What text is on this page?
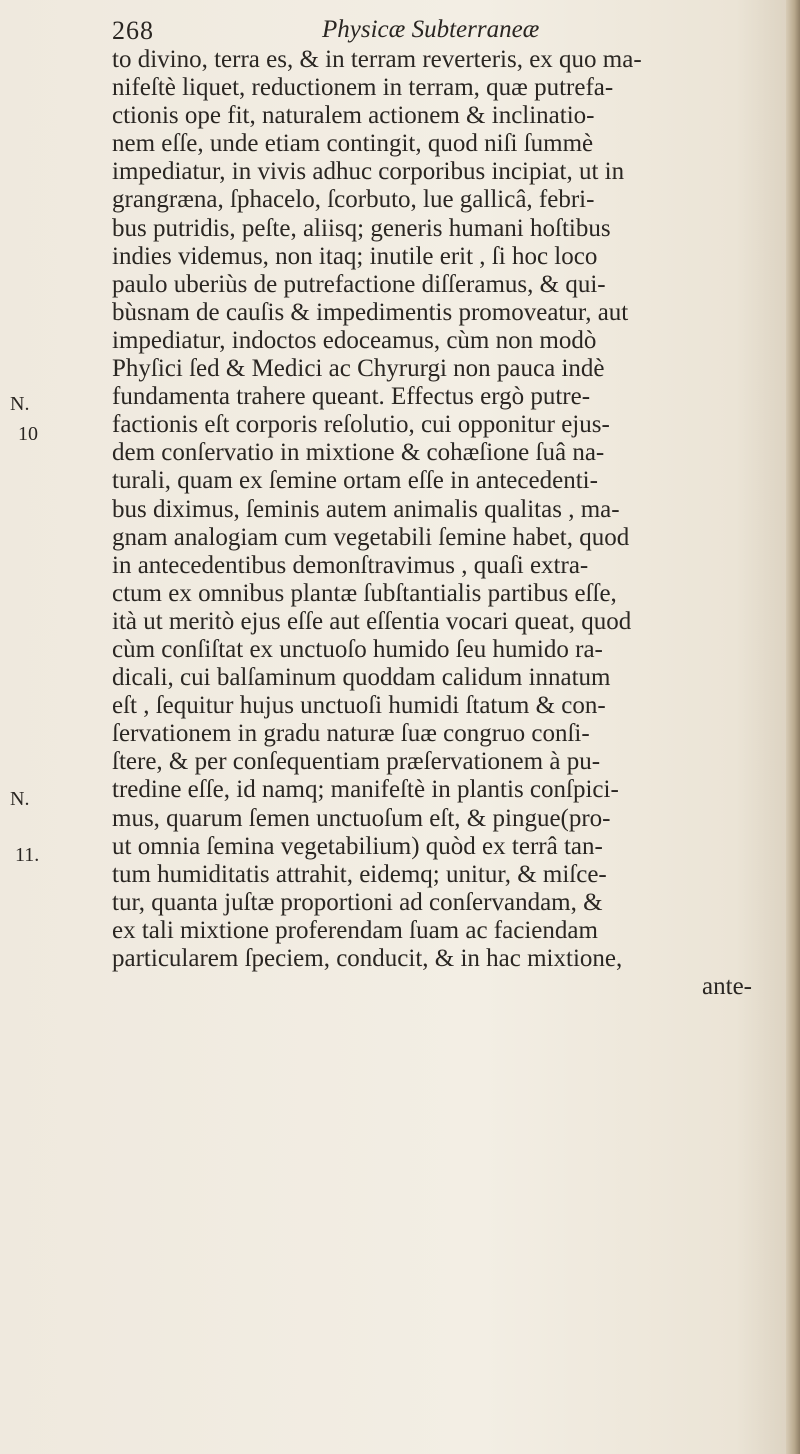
268	Physicæ Subterraneæ
N.
10
N.
11.
to divino, terra es, & in terram reverteris, ex quo ma-
nifeſtè liquet, reductionem in terram, quæ putrefa-
ctionis ope fit, naturalem actionem & inclinatio-
nem eſſe, unde etiam contingit, quod niſi ſummè
impediatur, in vivis adhuc corporibus incipiat, ut in
grangræna, ſphacelo, ſcorbuto, lue gallicâ, febri-
bus putridis, peſte, aliisq; generis humani hoſtibus
indies videmus, non itaq; inutile erit , ſi hoc loco
paulo uberiùs de putrefactione diſſeramus, & qui-
bùsnam de cauſis & impedimentis promoveatur, aut
impediatur, indoctos edoceamus, cùm non modò
Phyſici ſed & Medici ac Chyrurgi non pauca indè
fundamenta trahere queant. Effectus ergò putre-
factionis eſt corporis reſolutio, cui opponitur ejus-
dem conſervatio in mixtione & cohæſione ſuâ na-
turali, quam ex ſemine ortam eſſe in antecedenti-
bus diximus, ſeminis autem animalis qualitas , ma-
gnam analogiam cum vegetabili ſemine habet, quod
in antecedentibus demonſtravimus , quaſi extra-
ctum ex omnibus plantæ ſubſtantialis partibus eſſe,
ità ut meritò ejus eſſe aut eſſentia vocari queat, quod
cùm conſiſtat ex unctuoſo humido ſeu humido ra-
dicali, cui balſaminum quoddam calidum innatum
eſt , ſequitur hujus unctuoſi humidi ſtatum & con-
ſervationem in gradu naturæ ſuæ congruo conſi-
ſtere, & per conſequentiam præſervationem à pu-
tredine eſſe, id namq; manifeſtè in plantis conſpici-
mus, quarum ſemen unctuoſum eſt, & pingue(pro-
ut omnia ſemina vegetabilium) quòd ex terrâ tan-
tum humiditatis attrahit, eidemq; unitur, & miſce-
tur, quanta juſtæ proportioni ad conſervandam, &
ex tali mixtione proferendam ſuam ac faciendam
particularem ſpeciem, conducit, & in hac mixtione,
ante-
